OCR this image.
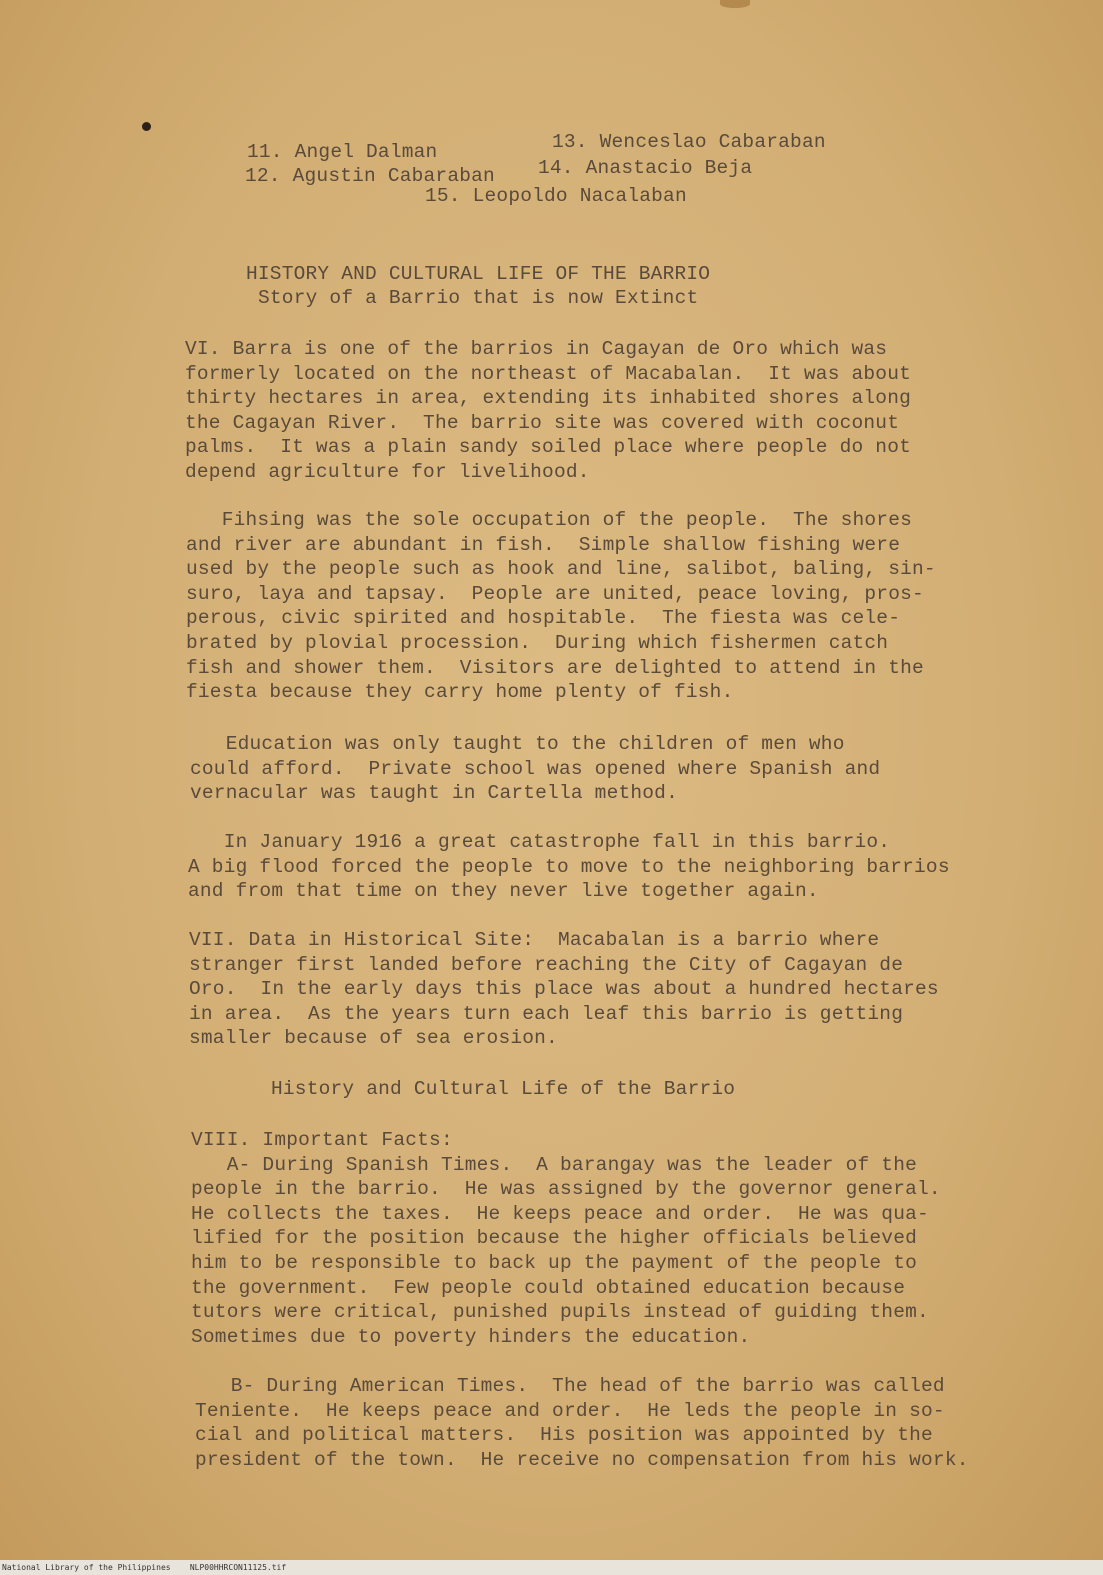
11. Angel Dalman	13. Wenceslao Cabaraban
12. Agustin Cabaraban 14. Anastacio Beja
15. Leopoldo Nacalaban
HISTORY AND CULTURAL LIFE OF THE BARRIO
Story of a Barrio that is now Extinct
VI. Barra is one of the barrios in Cagayan de Oro which was
formerly located on the northeast of Macabalan.  It was about
thirty hectares in area, extending its inhabited shores along
the Cagayan River.  The barrio site was covered with coconut
palms.  It was a plain sandy soiled place where people do not
depend agriculture for livelihood.
Fihsing was the sole occupation of the people.  The shores
and river are abundant in fish.  Simple shallow fishing were
used by the people such as hook and line, salibot, baling, sin-
suro, laya and tapsay.  People are united, peace loving, pros-
perous, civic spirited and hospitable.  The fiesta was cele-
brated by plovial procession.  During which fishermen catch
fish and shower them.  Visitors are delighted to attend in the
fiesta because they carry home plenty of fish.
Education was only taught to the children of men who
could afford.  Private school was opened where Spanish and
vernacular was taught in Cartella method.
In January 1916 a great catastrophe fall in this barrio.
A big flood forced the people to move to the neighboring barrios
and from that time on they never live together again.
VII. Data in Historical Site:  Macabalan is a barrio where
stranger first landed before reaching the City of Cagayan de
Oro.  In the early days this place was about a hundred hectares
in area.  As the years turn each leaf this barrio is getting
smaller because of sea erosion.
History and Cultural Life of the Barrio
VIII. Important Facts:
A- During Spanish Times.  A barangay was the leader of the
people in the barrio.  He was assigned by the governor general.
He collects the taxes.  He keeps peace and order.  He was qua-
lified for the position because the higher officials believed
him to be responsible to back up the payment of the people to
the government.  Few people could obtained education because
tutors were critical, punished pupils instead of guiding them.
Sometimes due to poverty hinders the education.
B- During American Times.  The head of the barrio was called
Teniente.  He keeps peace and order.  He leds the people in so-
cial and political matters.  His position was appointed by the
president of the town.  He receive no compensation from his work.
National Library of the Philippines NLP00HHRCON11125.tif
